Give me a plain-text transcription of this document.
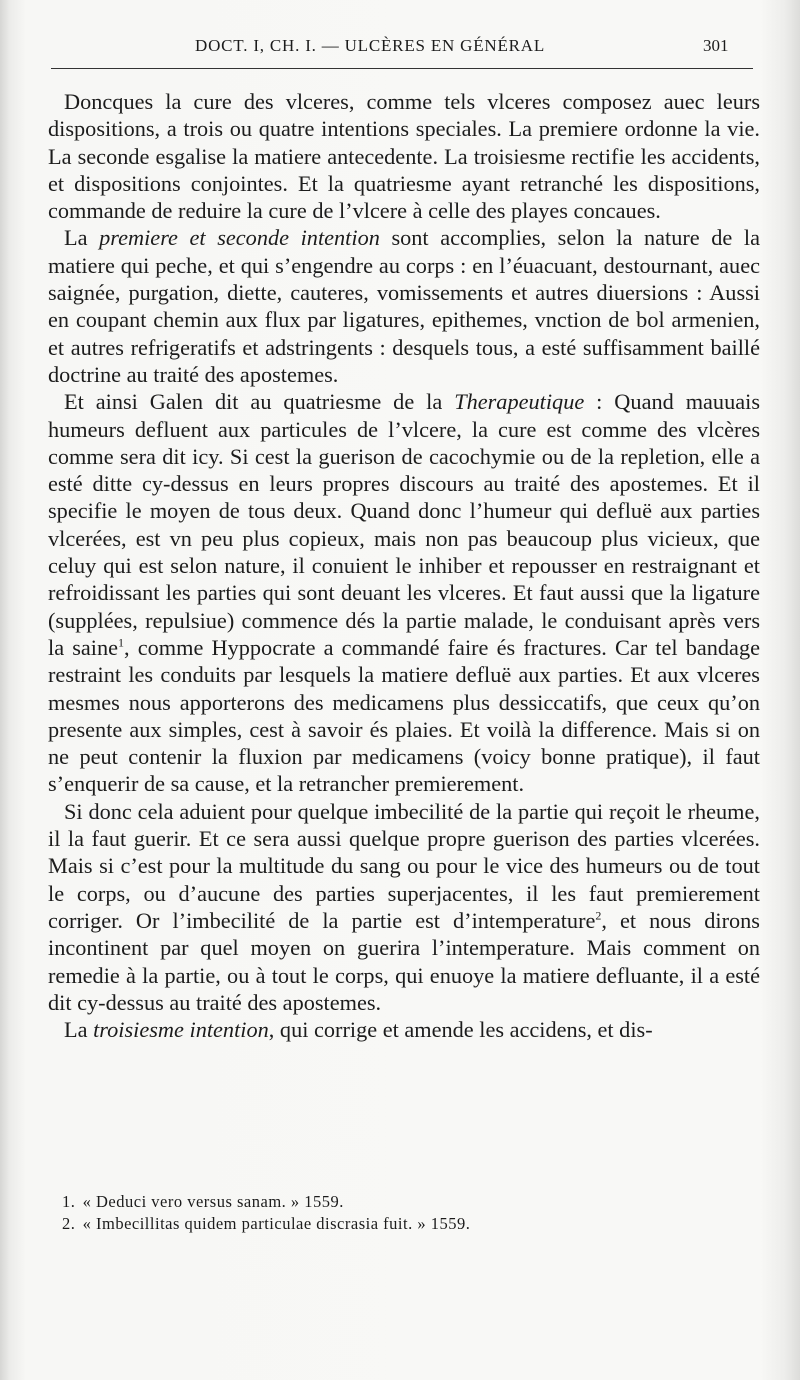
DOCT. I, CH. I. — ULCÈRES EN GÉNÉRAL	301

Doncques la cure des vlceres, comme tels vlceres composez auec leurs dispositions, a trois ou quatre intentions speciales. La premiere ordonne la vie. La seconde esgalise la matiere antecedente. La troisiesme rectifie les accidents, et dispositions conjointes. Et la quatriesme ayant retranché les dispositions, commande de reduire la cure de l’vlcere à celle des playes concaues.

La premiere et seconde intention sont accomplies, selon la nature de la matiere qui peche, et qui s’engendre au corps : en l’éuacuant, destournant, auec saignée, purgation, diette, cauteres, vomissements et autres diuersions : Aussi en coupant chemin aux flux par ligatures, epithemes, vnction de bol armenien, et autres refrigeratifs et adstringents : desquels tous, a esté suffisamment baillé doctrine au traité des apostemes.

Et ainsi Galen dit au quatriesme de la Therapeutique : Quand mauuais humeurs defluent aux particules de l’vlcere, la cure est comme des vlcères comme sera dit icy. Si cest la guerison de cacochymie ou de la repletion, elle a esté ditte cy-dessus en leurs propres discours au traité des apostemes. Et il specifie le moyen de tous deux. Quand donc l’humeur qui defluë aux parties vlcerées, est vn peu plus copieux, mais non pas beaucoup plus vicieux, que celuy qui est selon nature, il conuient le inhiber et repousser en restraignant et refroidissant les parties qui sont deuant les vlceres. Et faut aussi que la ligature (supplées, repulsiue) commence dés la partie malade, le conduisant après vers la saine$^1$, comme Hyppocrate a commandé faire és fractures. Car tel bandage restraint les conduits par lesquels la matiere defluë aux parties. Et aux vlceres mesmes nous apporterons des medicamens plus dessiccatifs, que ceux qu’on presente aux simples, cest à savoir és plaies. Et voilà la difference. Mais si on ne peut contenir la fluxion par medicamens (voicy bonne pratique), il faut s’enquerir de sa cause, et la retrancher premierement.

Si donc cela aduient pour quelque imbecilité de la partie qui reçoit le rheume, il la faut guerir. Et ce sera aussi quelque propre guerison des parties vlcerées. Mais si c’est pour la multitude du sang ou pour le vice des humeurs ou de tout le corps, ou d’aucune des parties superjacentes, il les faut premierement corriger. Or l’imbecilité de la partie est d’intemperature$^2$, et nous dirons incontinent par quel moyen on guerira l’intemperature. Mais comment on remedie à la partie, ou à tout le corps, qui enuoye la matiere defluante, il a esté dit cy-dessus au traité des apostemes.

La troisiesme intention, qui corrige et amende les accidens, et dis-

1. « Deduci vero versus sanam. » 1559.
2. « Imbecillitas quidem particulae discrasia fuit. » 1559.
